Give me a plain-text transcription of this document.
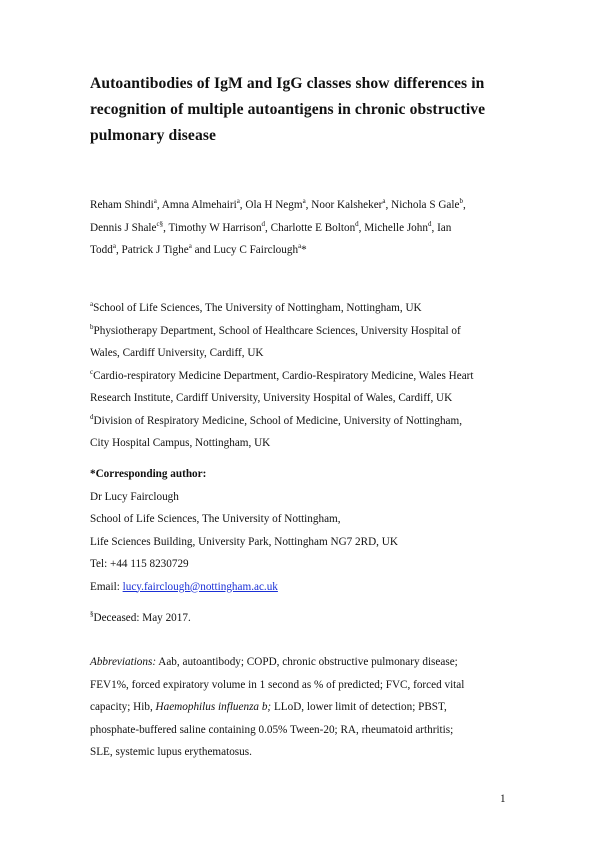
Autoantibodies of IgM and IgG classes show differences in
recognition of multiple autoantigens in chronic obstructive
pulmonary disease
Reham Shindi$^a$, Amna Almehairi$^a$, Ola H Negm$^a$, Noor Kalsheker$^a$, Nichola S Gale$^b$,
Dennis J Shale$^{c\S}$, Timothy W Harrison$^d$, Charlotte E Bolton$^d$, Michelle John$^d$, Ian
Todd$^a$, Patrick J Tighe$^a$ and Lucy C Fairclough$^a$*
$^a$School of Life Sciences, The University of Nottingham, Nottingham, UK
$^b$Physiotherapy Department, School of Healthcare Sciences, University Hospital of
Wales, Cardiff University, Cardiff, UK
$^c$Cardio-respiratory Medicine Department, Cardio-Respiratory Medicine, Wales Heart
Research Institute, Cardiff University, University Hospital of Wales, Cardiff, UK
$^d$Division of Respiratory Medicine, School of Medicine, University of Nottingham,
City Hospital Campus, Nottingham, UK
*Corresponding author:
Dr Lucy Fairclough
School of Life Sciences, The University of Nottingham,
Life Sciences Building, University Park, Nottingham NG7 2RD, UK
Tel: +44 115 8230729
Email: lucy.fairclough@nottingham.ac.uk
§Deceased: May 2017.
Abbreviations: Aab, autoantibody; COPD, chronic obstructive pulmonary disease;
FEV1%, forced expiratory volume in 1 second as % of predicted; FVC, forced vital
capacity; Hib, Haemophilus influenza b; LLoD, lower limit of detection; PBST,
phosphate-buffered saline containing 0.05% Tween-20; RA, rheumatoid arthritis;
SLE, systemic lupus erythematosus.
1
